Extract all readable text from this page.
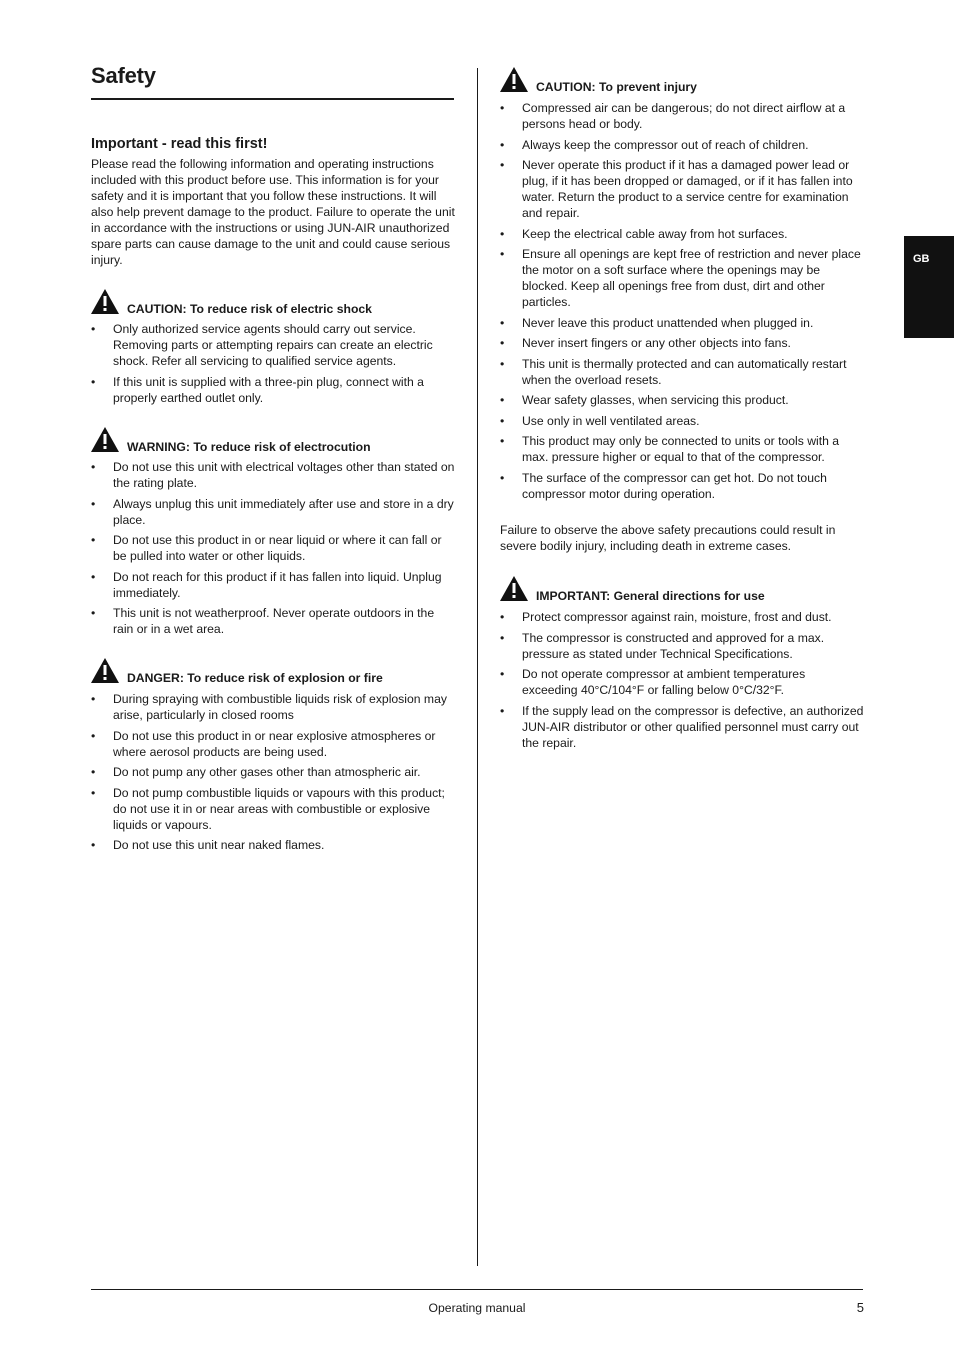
Safety
GB
Important - read this first!

Please read the following information and operating instructions included with this product before use. This information is for your safety and it is important that you follow these instructions. It will also help prevent damage to the product. Failure to operate the unit in accordance with the instructions or using JUN-AIR unauthorized spare parts can cause damage to the unit and could cause serious injury.

CAUTION: To reduce risk of electric shock
• Only authorized service agents should carry out service. Removing parts or attempting repairs can create an electric shock. Refer all servicing to qualified service agents.
• If this unit is supplied with a three-pin plug, connect with a properly earthed outlet only.
WARNING: To reduce risk of electrocution
• Do not use this unit with electrical voltages other than stated on the rating plate.
• Always unplug this unit immediately after use and store in a dry place.
• Do not use this product in or near liquid or where it can fall or be pulled into water or other liquids.
• Do not reach for this product if it has fallen into liquid. Unplug immediately.
• This unit is not weatherproof. Never operate outdoors in the rain or in a wet area.
DANGER: To reduce risk of explosion or fire
• During spraying with combustible liquids risk of explosion may arise, particularly in closed rooms
• Do not use this product in or near explosive atmospheres or where aerosol products are being used.
• Do not pump any other gases other than atmospheric air.
• Do not pump combustible liquids or vapours with this product; do not use it in or near areas with combustible or explosive liquids or vapours.
• Do not use this unit near naked flames.
CAUTION: To prevent injury
• Compressed air can be dangerous; do not direct airflow at a persons head or body.
• Always keep the compressor out of reach of children.
• Never operate this product if it has a damaged power lead or plug, if it has been dropped or damaged, or if it has fallen into water. Return the product to a service centre for examination and repair.
• Keep the electrical cable away from hot surfaces.
• Ensure all openings are kept free of restriction and never place the motor on a soft surface where the openings may be blocked. Keep all openings free from dust, dirt and other particles.
• Never leave this product unattended when plugged in.
• Never insert fingers or any other objects into fans.
• This unit is thermally protected and can automatically restart when the overload resets.
• Wear safety glasses, when servicing this product.
• Use only in well ventilated areas.
• This product may only be connected to units or tools with a max. pressure higher or equal to that of the compressor.
• The surface of the compressor can get hot. Do not touch compressor motor during operation.

Failure to observe the above safety precautions could result in severe bodily injury, including death in extreme cases.

IMPORTANT: General directions for use
• Protect compressor against rain, moisture, frost and dust.
• The compressor is constructed and approved for a max. pressure as stated under Technical Specifications.
• Do not operate compressor at ambient temperatures exceeding 40°C/104°F or falling below 0°C/32°F.
• If the supply lead on the compressor is defective, an authorized JUN-AIR distributor or other qualified personnel must carry out the repair.
Operating manual	5
